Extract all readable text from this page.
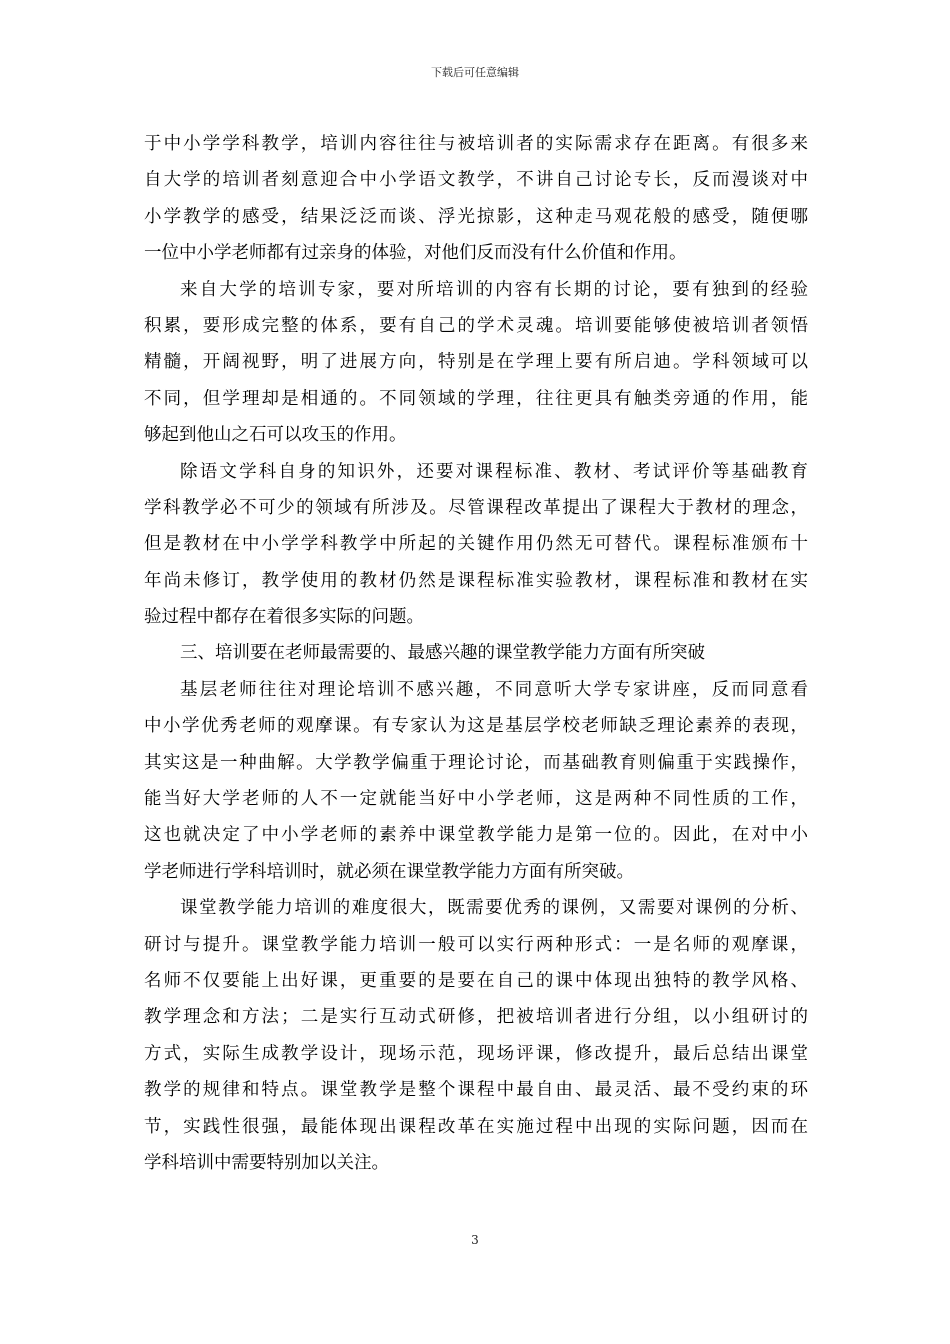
下载后可任意编辑
于中小学学科教学，培训内容往往与被培训者的实际需求存在距离。有很多来
自大学的培训者刻意迎合中小学语文教学，不讲自己讨论专长，反而漫谈对中
小学教学的感受，结果泛泛而谈、浮光掠影，这种走马观花般的感受，随便哪
一位中小学老师都有过亲身的体验，对他们反而没有什么价值和作用。
来自大学的培训专家，要对所培训的内容有长期的讨论，要有独到的经验
积累，要形成完整的体系，要有自己的学术灵魂。培训要能够使被培训者领悟
精髓，开阔视野，明了进展方向，特别是在学理上要有所启迪。学科领域可以
不同，但学理却是相通的。不同领域的学理，往往更具有触类旁通的作用，能
够起到他山之石可以攻玉的作用。
除语文学科自身的知识外，还要对课程标准、教材、考试评价等基础教育
学科教学必不可少的领域有所涉及。尽管课程改革提出了课程大于教材的理念，
但是教材在中小学学科教学中所起的关键作用仍然无可替代。课程标准颁布十
年尚未修订，教学使用的教材仍然是课程标准实验教材，课程标准和教材在实
验过程中都存在着很多实际的问题。
三、培训要在老师最需要的、最感兴趣的课堂教学能力方面有所突破
基层老师往往对理论培训不感兴趣，不同意听大学专家讲座，反而同意看
中小学优秀老师的观摩课。有专家认为这是基层学校老师缺乏理论素养的表现，
其实这是一种曲解。大学教学偏重于理论讨论，而基础教育则偏重于实践操作，
能当好大学老师的人不一定就能当好中小学老师，这是两种不同性质的工作，
这也就决定了中小学老师的素养中课堂教学能力是第一位的。因此，在对中小
学老师进行学科培训时，就必须在课堂教学能力方面有所突破。
课堂教学能力培训的难度很大，既需要优秀的课例，又需要对课例的分析、
研讨与提升。课堂教学能力培训一般可以实行两种形式：一是名师的观摩课，
名师不仅要能上出好课，更重要的是要在自己的课中体现出独特的教学风格、
教学理念和方法；二是实行互动式研修，把被培训者进行分组，以小组研讨的
方式，实际生成教学设计，现场示范，现场评课，修改提升，最后总结出课堂
教学的规律和特点。课堂教学是整个课程中最自由、最灵活、最不受约束的环
节，实践性很强，最能体现出课程改革在实施过程中出现的实际问题，因而在
学科培训中需要特别加以关注。
3
